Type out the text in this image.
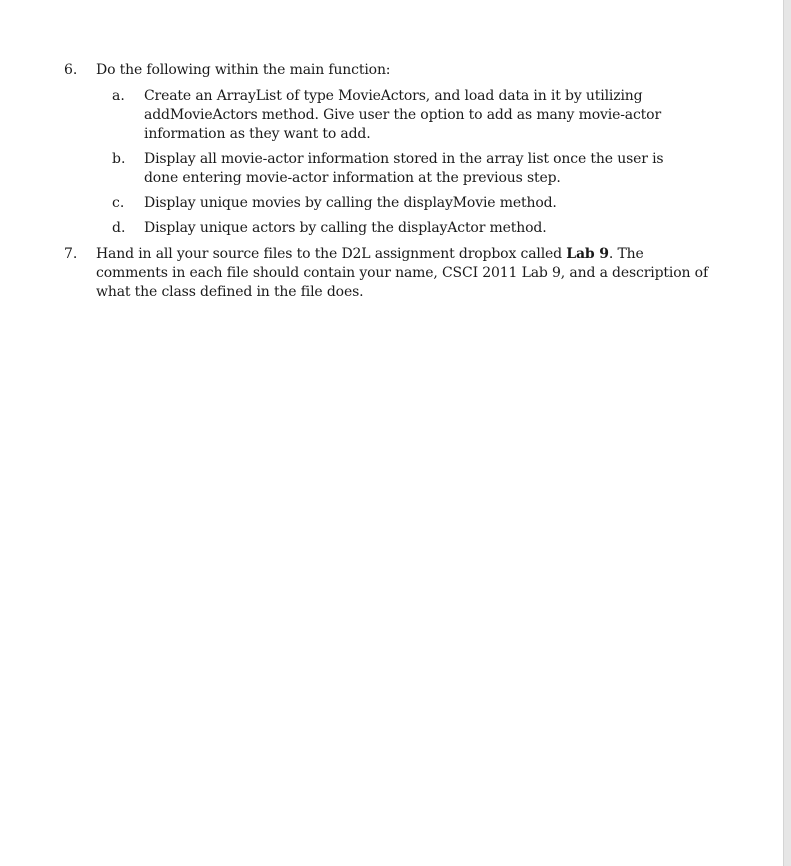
6. Do the following within the main function:
a. Create an ArrayList of type MovieActors, and load data in it by utilizing
addMovieActors method. Give user the option to add as many movie-actor
information as they want to add.
b. Display all movie-actor information stored in the array list once the user is
done entering movie-actor information at the previous step.
c. Display unique movies by calling the displayMovie method.
d. Display unique actors by calling the displayActor method.
7. Hand in all your source files to the D2L assignment dropbox called Lab 9. The
comments in each file should contain your name, CSCI 2011 Lab 9, and a description of
what the class defined in the file does.
